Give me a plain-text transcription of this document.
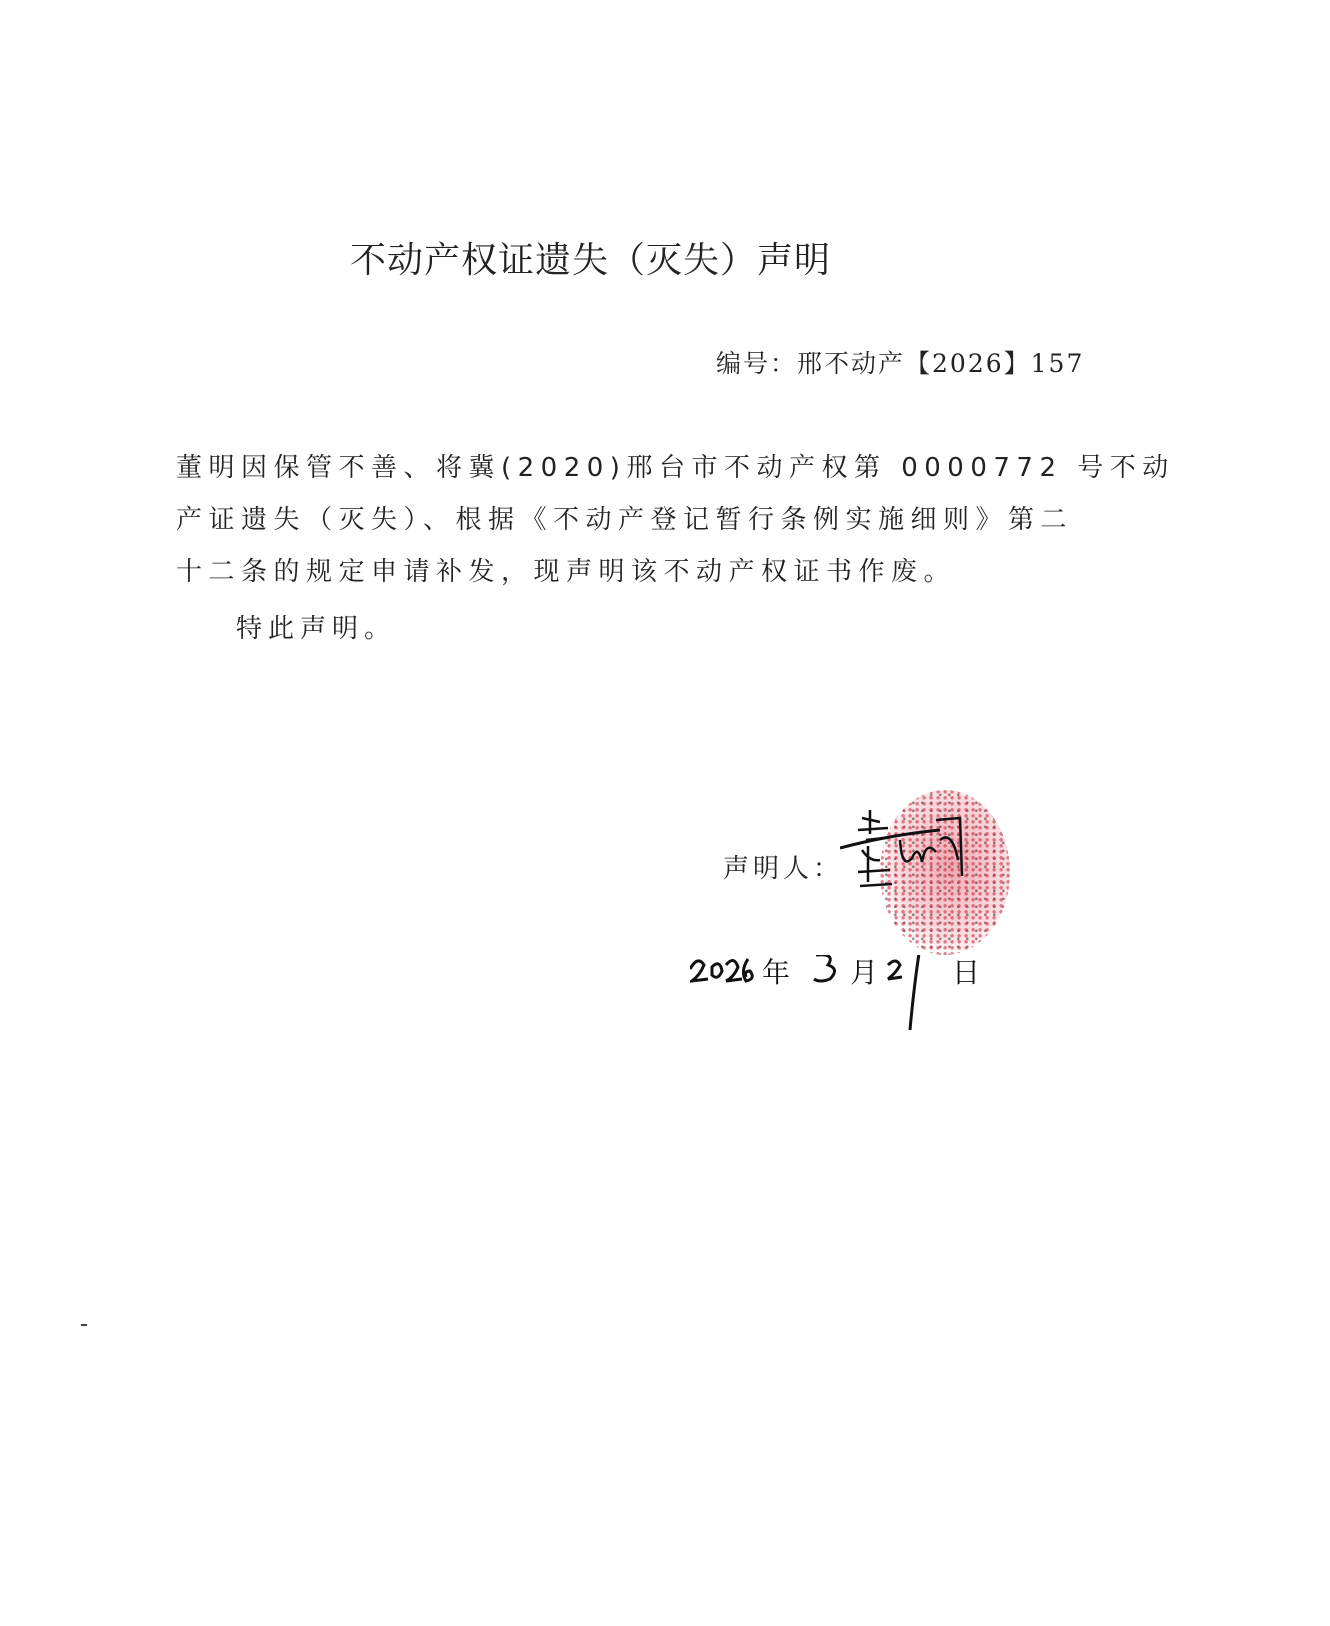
不动产权证遗失（灭失）声明
编号：邢不动产【2026】157

董明因保管不善、将冀(2020)邢台市不动产权第 0000772 号不动

产证遗失（灭失）、根据《不动产登记暂行条例实施细则》第二

十二条的规定申请补发，现声明该不动产权证书作废。

特此声明。
声明人：
年 月	日
